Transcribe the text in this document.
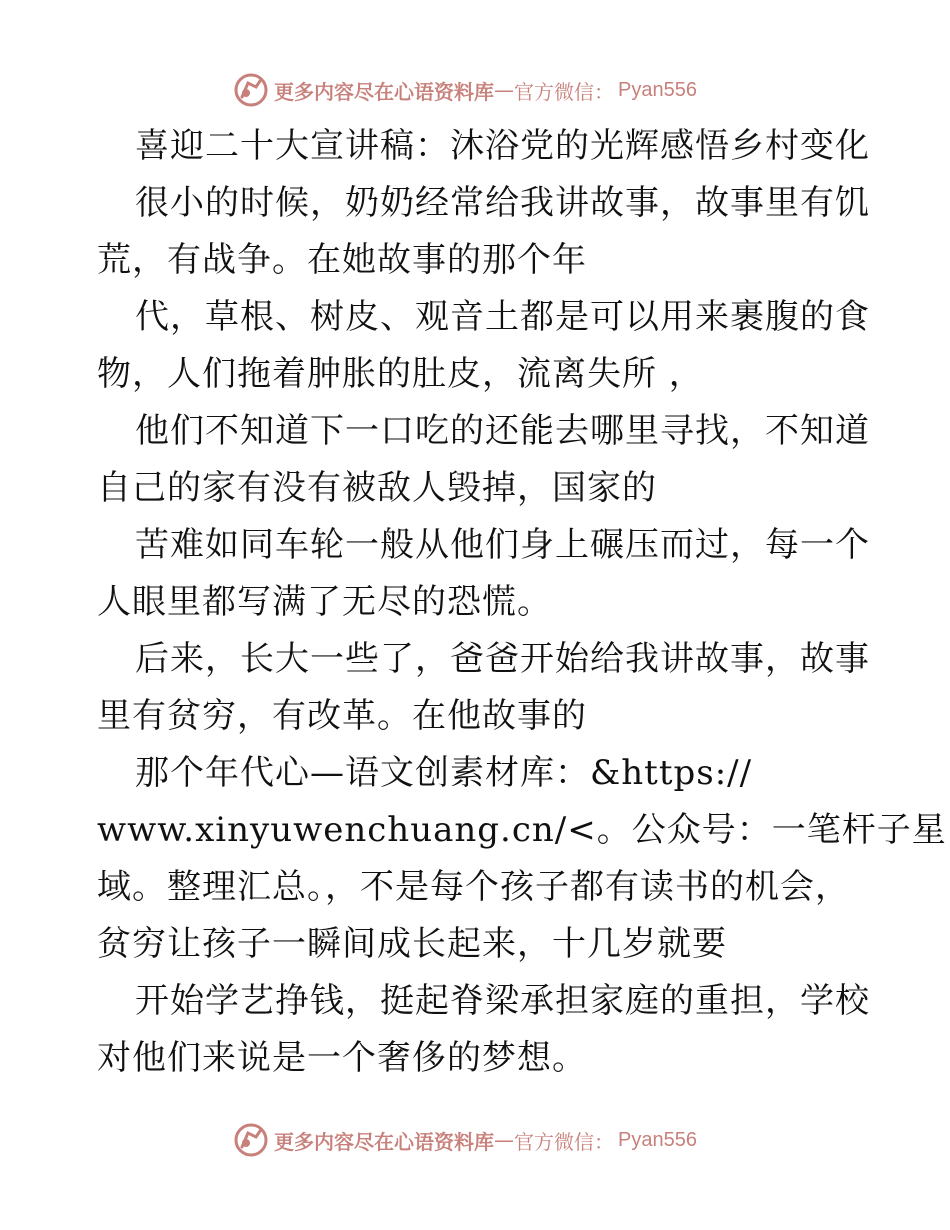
更多内容尽在心语资料库 — 官方微信： Pyan556
喜迎二十大宣讲稿：沐浴党的光辉感悟乡村变化
很小的时候，奶奶经常给我讲故事，故事里有饥
荒，有战争。在她故事的那个年
代，草根、树皮、观音土都是可以用来裹腹的食
物，人们拖着肿胀的肚皮，流离失所 ，
他们不知道下一口吃的还能去哪里寻找，不知道
自己的家有没有被敌人毁掉，国家的
苦难如同车轮一般从他们身上碾压而过，每一个
人眼里都写满了无尽的恐慌。
后来，长大一些了，爸爸开始给我讲故事，故事
里有贫穷，有改革。在他故事的
那个年代心—语文创素材库：&https://
www.xinyuwenchuang.cn/<。公众号：一笔杆子星
域。整理汇总。，不是每个孩子都有读书的机会，
贫穷让孩子一瞬间成长起来，十几岁就要
开始学艺挣钱，挺起脊梁承担家庭的重担，学校
对他们来说是一个奢侈的梦想。
更多内容尽在心语资料库 — 官方微信： Pyan556
